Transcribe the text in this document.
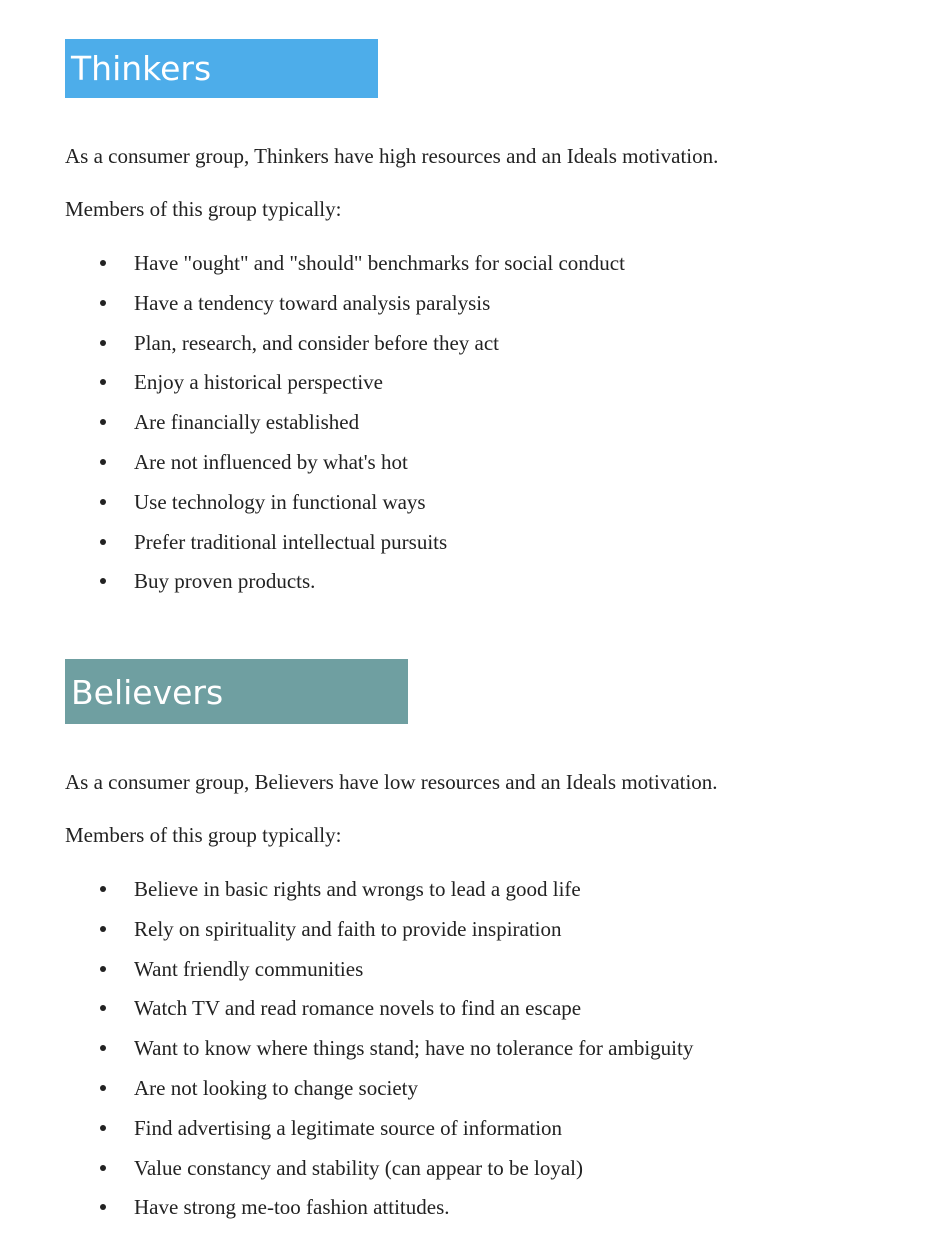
Thinkers

As a consumer group, Thinkers have high resources and an Ideals motivation.

Members of this group typically:

Have "ought" and "should" benchmarks for social conduct
Have a tendency toward analysis paralysis
Plan, research, and consider before they act
Enjoy a historical perspective
Are financially established
Are not influenced by what's hot
Use technology in functional ways
Prefer traditional intellectual pursuits
Buy proven products.
Believers

As a consumer group, Believers have low resources and an Ideals motivation.

Members of this group typically:

Believe in basic rights and wrongs to lead a good life
Rely on spirituality and faith to provide inspiration
Want friendly communities
Watch TV and read romance novels to find an escape
Want to know where things stand; have no tolerance for ambiguity
Are not looking to change society
Find advertising a legitimate source of information
Value constancy and stability (can appear to be loyal)
Have strong me-too fashion attitudes.
